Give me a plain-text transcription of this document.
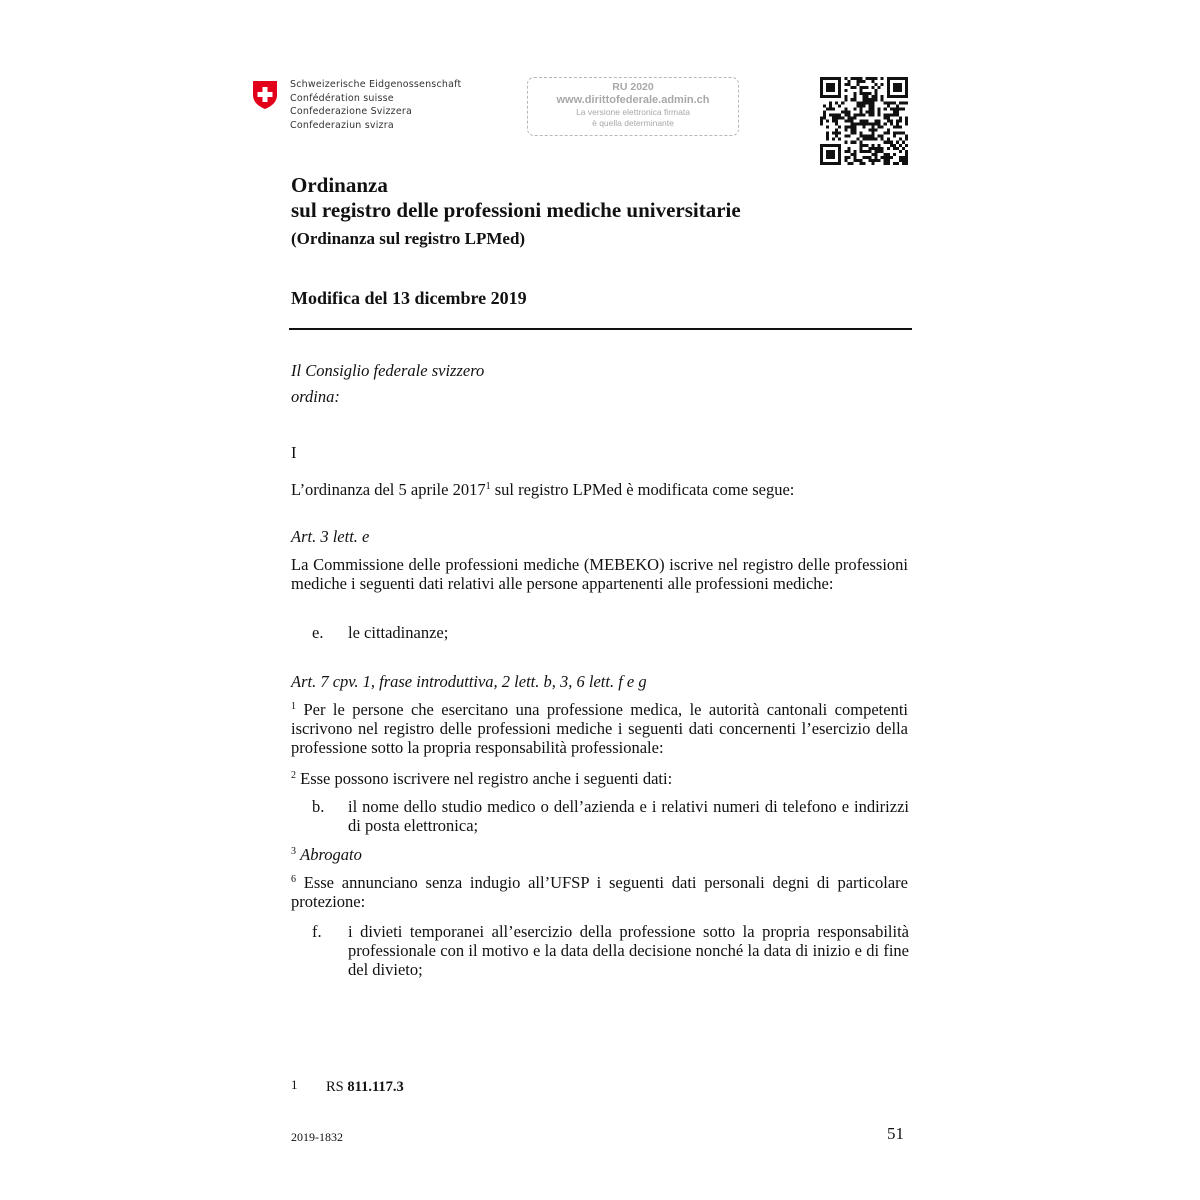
Schweizerische Eidgenossenschaft
Confédération suisse
Confederazione Svizzera
Confederaziun svizra
RU 2020
www.dirittofederale.admin.ch
La versione elettronica firmata
è quella determinante
Ordinanza
sul registro delle professioni mediche universitarie
(Ordinanza sul registro LPMed)
Modifica del 13 dicembre 2019
Il Consiglio federale svizzero
ordina:
I
L’ordinanza del 5 aprile 2017$^1$ sul registro LPMed è modificata come segue:
Art. 3 lett. e
La Commissione delle professioni mediche (MEBEKO) iscrive nel registro delle professioni mediche i seguenti dati relativi alle persone appartenenti alle professioni mediche:
e. le cittadinanze;
Art. 7 cpv. 1, frase introduttiva, 2 lett. b, 3, 6 lett. f e g
$^1$ Per le persone che esercitano una professione medica, le autorità cantonali competenti iscrivono nel registro delle professioni mediche i seguenti dati concernenti l’esercizio della professione sotto la propria responsabilità professionale:
$^2$ Esse possono iscrivere nel registro anche i seguenti dati:
b. il nome dello studio medico o dell’azienda e i relativi numeri di telefono e indirizzi di posta elettronica;
$^3$ Abrogato
$^6$ Esse annunciano senza indugio all’UFSP i seguenti dati personali degni di particolare protezione:
f. i divieti temporanei all’esercizio della professione sotto la propria responsabilità professionale con il motivo e la data della decisione nonché la data di inizio e di fine del divieto;
1 RS 811.117.3
2019-1832	51
